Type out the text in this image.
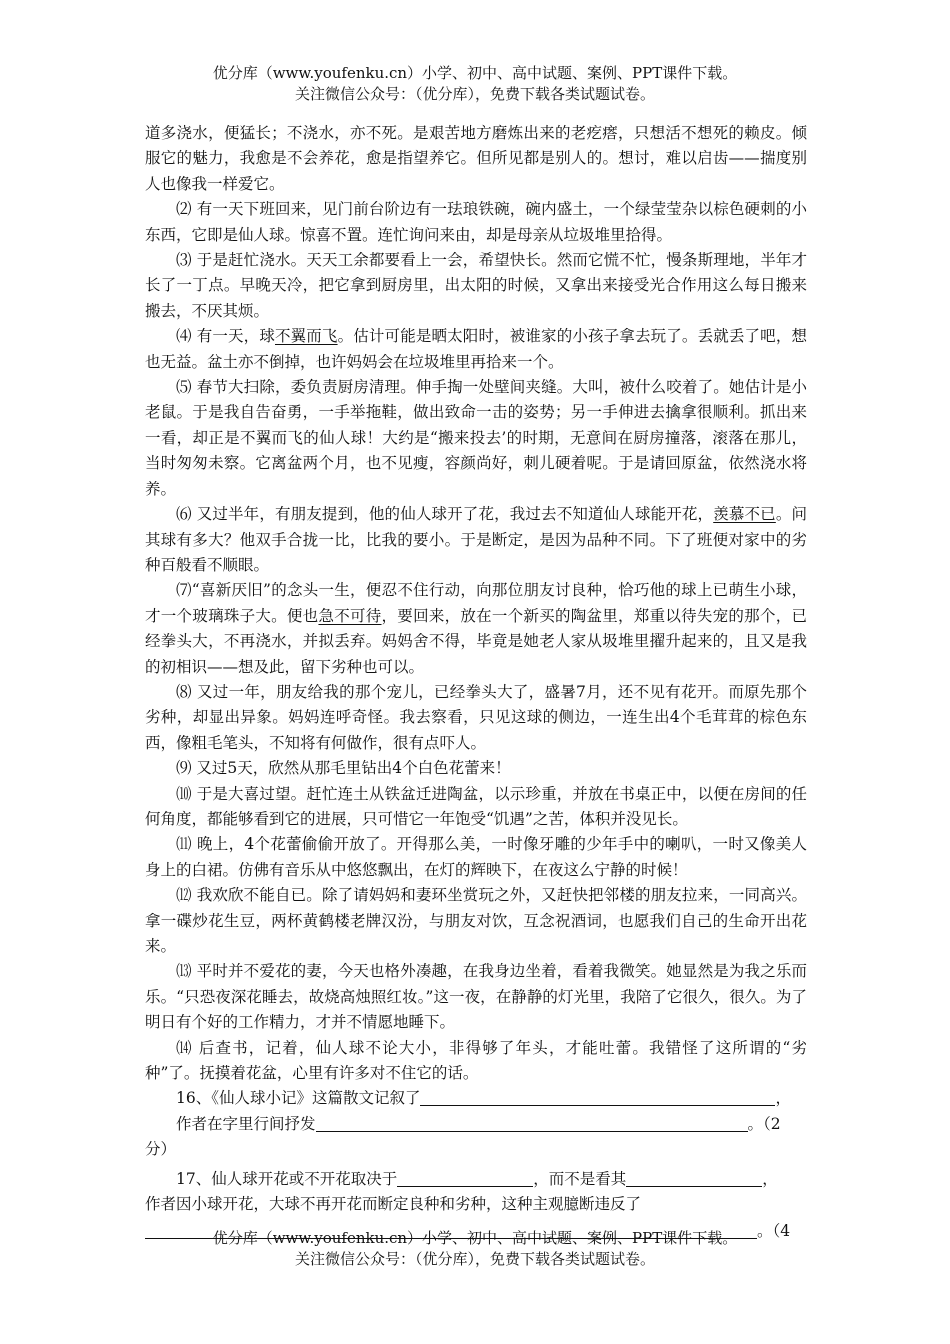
优分库（www.youfenku.cn）小学、初中、高中试题、案例、PPT课件下载。
关注微信公众号：（优分库），免费下载各类试题试卷。

道多浇水，便猛长；不浇水，亦不死。是艰苦地方磨炼出来的老疙瘩，只想活不想死的赖皮。倾服它的魅力，我愈是不会养花，愈是指望养它。但所见都是别人的。想讨，难以启齿——揣度别人也像我一样爱它。

⑵ 有一天下班回来，见门前台阶边有一珐琅铁碗，碗内盛土，一个绿莹莹杂以棕色硬刺的小东西，它即是仙人球。惊喜不置。连忙询问来由，却是母亲从垃圾堆里拾得。

⑶ 于是赶忙浇水。天天工余都要看上一会，希望快长。然而它慌不忙，慢条斯理地，半年才长了一丁点。早晚天冷，把它拿到厨房里，出太阳的时候，又拿出来接受光合作用这么每日搬来搬去，不厌其烦。

⑷ 有一天，球不翼而飞。估计可能是晒太阳时，被谁家的小孩子拿去玩了。丢就丢了吧，想也无益。盆土亦不倒掉，也许妈妈会在垃圾堆里再拾来一个。

⑸ 春节大扫除，委负责厨房清理。伸手掏一处壁间夹缝。大叫，被什么咬着了。她估计是小老鼠。于是我自告奋勇，一手举拖鞋，做出致命一击的姿势；另一手伸进去擒拿很顺利。抓出来一看，却正是不翼而飞的仙人球！大约是“搬来投去’的时期，无意间在厨房撞落，滚落在那儿，当时匆匆未察。它离盆两个月，也不见瘦，容颜尚好，刺儿硬着呢。于是请回原盆，依然浇水将养。

⑹ 又过半年，有朋友提到，他的仙人球开了花，我过去不知道仙人球能开花，羡慕不已。问其球有多大？他双手合拢一比，比我的要小。于是断定，是因为品种不同。下了班便对家中的劣种百般看不顺眼。

⑺“喜新厌旧”的念头一生，便忍不住行动，向那位朋友讨良种，恰巧他的球上已萌生小球，才一个玻璃珠子大。便也急不可待，要回来，放在一个新买的陶盆里，郑重以待失宠的那个，已经拳头大，不再浇水，并拟丢弃。妈妈舍不得，毕竟是她老人家从圾堆里擢升起来的，且又是我的初相识——想及此，留下劣种也可以。

⑻ 又过一年，朋友给我的那个宠儿，已经拳头大了，盛暑7月，还不见有花开。而原先那个劣种，却显出异象。妈妈连呼奇怪。我去察看，只见这球的侧边，一连生出4个毛茸茸的棕色东西，像粗毛笔头，不知将有何做作，很有点吓人。

⑼ 又过5天，欣然从那毛里钻出4个白色花蕾来！

⑽ 于是大喜过望。赶忙连土从铁盆迁进陶盆，以示珍重，并放在书桌正中，以便在房间的任何角度，都能够看到它的进展，只可惜它一年饱受“饥遇”之苦，体积并没见长。

⑾ 晚上，4个花蕾偷偷开放了。开得那么美，一时像牙雕的少年手中的喇叭，一时又像美人身上的白裙。仿佛有音乐从中悠悠飘出，在灯的辉映下，在夜这么宁静的时候！

⑿ 我欢欣不能自已。除了请妈妈和妻环坐赏玩之外，又赶快把邻楼的朋友拉来，一同高兴。拿一碟炒花生豆，两杯黄鹤楼老牌汉汾，与朋友对饮，互念祝酒词，也愿我们自己的生命开出花来。

⒀ 平时并不爱花的妻，今天也格外凑趣，在我身边坐着，看着我微笑。她显然是为我之乐而乐。“只恐夜深花睡去，故烧高烛照红妆。”这一夜，在静静的灯光里，我陪了它很久，很久。为了明日有个好的工作精力，才并不情愿地睡下。

⒁ 后查书，记着，仙人球不论大小，非得够了年头，才能吐蕾。我错怪了这所谓的“劣种”了。抚摸着花盆，心里有许多对不住它的话。

16、《仙人球小记》这篇散文记叙了	，

作者在字里行间抒发	。（2

分）

17、仙人球开花或不开花取决于	，而不是看其	，

作者因小球开花，大球不再开花而断定良种和劣种，这种主观臆断违反了

。（4

优分库（www.youfenku.cn）小学、初中、高中试题、案例、PPT课件下载。
关注微信公众号：（优分库），免费下载各类试题试卷。
